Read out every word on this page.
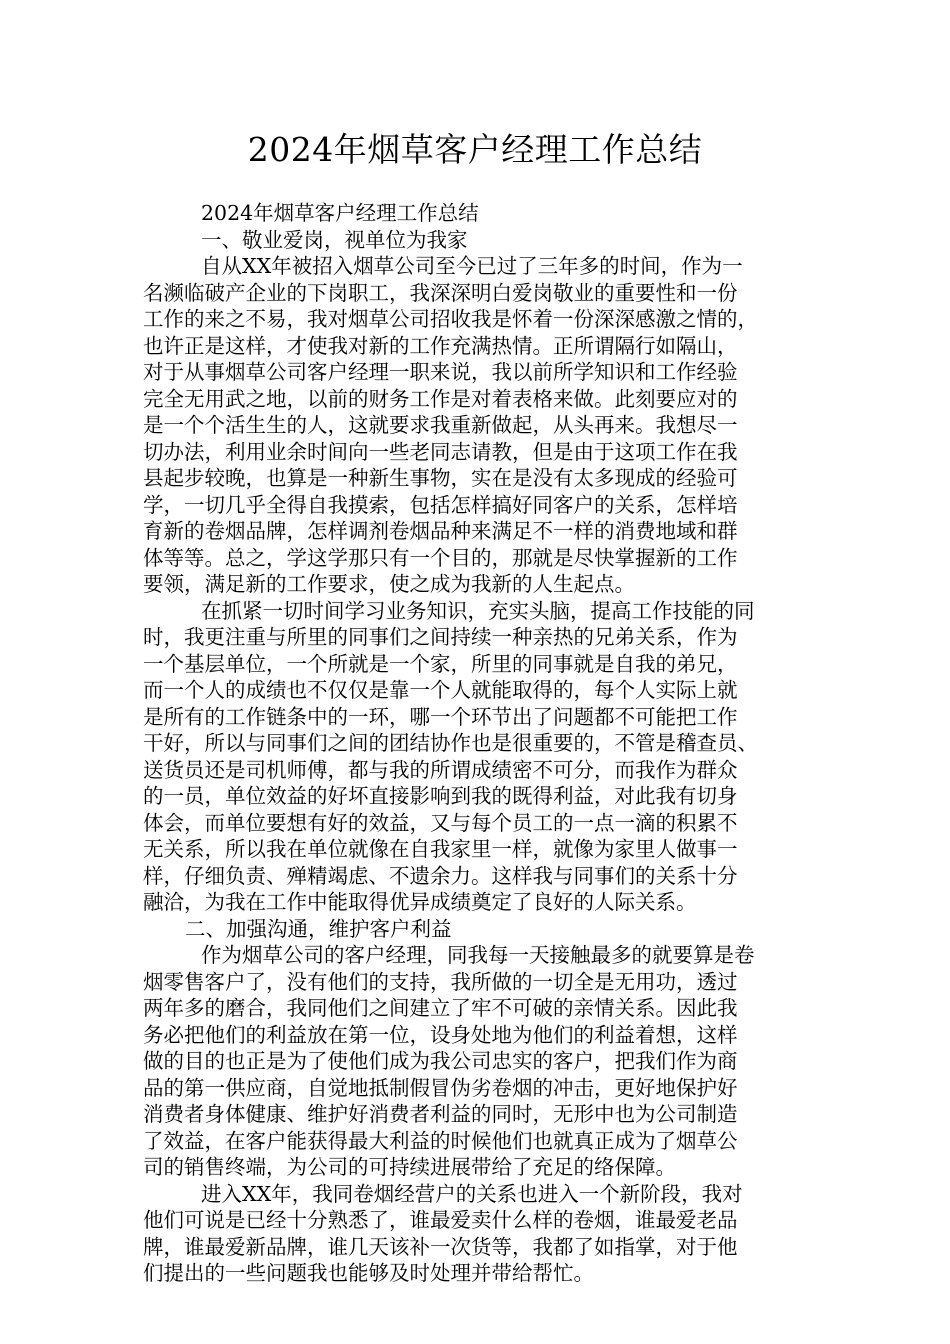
2024年烟草客户经理工作总结
2024年烟草客户经理工作总结
一、敬业爱岗，视单位为我家
自从XX年被招入烟草公司至今已过了三年多的时间，作为一
名濒临破产企业的下岗职工，我深深明白爱岗敬业的重要性和一份
工作的来之不易，我对烟草公司招收我是怀着一份深深感激之情的，
也许正是这样，才使我对新的工作充满热情。正所谓隔行如隔山，
对于从事烟草公司客户经理一职来说，我以前所学知识和工作经验
完全无用武之地，以前的财务工作是对着表格来做。此刻要应对的
是一个个活生生的人，这就要求我重新做起，从头再来。我想尽一
切办法，利用业余时间向一些老同志请教，但是由于这项工作在我
县起步较晚，也算是一种新生事物，实在是没有太多现成的经验可
学，一切几乎全得自我摸索，包括怎样搞好同客户的关系，怎样培
育新的卷烟品牌，怎样调剂卷烟品种来满足不一样的消费地域和群
体等等。总之，学这学那只有一个目的，那就是尽快掌握新的工作
要领，满足新的工作要求，使之成为我新的人生起点。
在抓紧一切时间学习业务知识，充实头脑，提高工作技能的同
时，我更注重与所里的同事们之间持续一种亲热的兄弟关系，作为
一个基层单位，一个所就是一个家，所里的同事就是自我的弟兄，
而一个人的成绩也不仅仅是靠一个人就能取得的，每个人实际上就
是所有的工作链条中的一环，哪一个环节出了问题都不可能把工作
干好，所以与同事们之间的团结协作也是很重要的，不管是稽查员、
送货员还是司机师傅，都与我的所谓成绩密不可分，而我作为群众
的一员，单位效益的好坏直接影响到我的既得利益，对此我有切身
体会，而单位要想有好的效益，又与每个员工的一点一滴的积累不
无关系，所以我在单位就像在自我家里一样，就像为家里人做事一
样，仔细负责、殚精竭虑、不遗余力。这样我与同事们的关系十分
融洽，为我在工作中能取得优异成绩奠定了良好的人际关系。
二、加强沟通，维护客户利益
作为烟草公司的客户经理，同我每一天接触最多的就要算是卷
烟零售客户了，没有他们的支持，我所做的一切全是无用功，透过
两年多的磨合，我同他们之间建立了牢不可破的亲情关系。因此我
务必把他们的利益放在第一位，设身处地为他们的利益着想，这样
做的目的也正是为了使他们成为我公司忠实的客户，把我们作为商
品的第一供应商，自觉地抵制假冒伪劣卷烟的冲击，更好地保护好
消费者身体健康、维护好消费者利益的同时，无形中也为公司制造
了效益，在客户能获得最大利益的时候他们也就真正成为了烟草公
司的销售终端，为公司的可持续进展带给了充足的络保障。
进入XX年，我同卷烟经营户的关系也进入一个新阶段，我对
他们可说是已经十分熟悉了，谁最爱卖什么样的卷烟，谁最爱老品
牌，谁最爱新品牌，谁几天该补一次货等，我都了如指掌，对于他
们提出的一些问题我也能够及时处理并带给帮忙。
